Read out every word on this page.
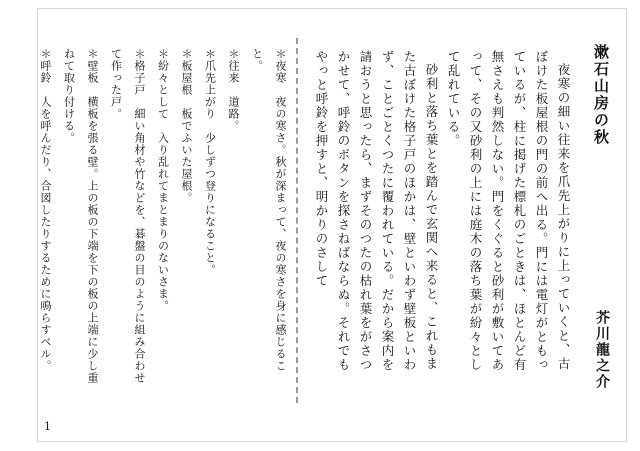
漱石山房の秋
芥川龍之介

夜寒の細い往来を爪先上がりに上っていくと、古ぼけた板屋根の門の前へ出る。門には電灯がともっているが、柱に掲げた標札のごときは、ほとんど有無さえも判然しない。門をくぐると砂利が敷いてあって、その又砂利の上には庭木の落ち葉が紛々として乱れている。

砂利と落ち葉とを踏んで玄関へ来ると、これもまた古ぼけた格子戸のほかは、壁といわず壁板といわず、ことごとくつたに覆われている。だから案内を請おうと思ったら、まずそのつたの枯れ葉をがさつかせて、呼鈴のボタンを探さねばならぬ。それでもやっと呼鈴を押すと、明かりのさして

＊夜寒　夜の寒さ。秋が深まって、夜の寒さを身に感じること。

＊往来　道路。

＊爪先上がり　少しずつ登りになること。

＊板屋根　板でふいた屋根。

＊紛々として　入り乱れてまとまりのないさま。

＊格子戸　細い角材や竹などを、碁盤の目のように組み合わせて作った戸。

＊壁板　横板を張る壁。上の板の下端を下の板の上端に少し重ねて取り付ける。

＊呼鈴　人を呼んだり、合図したりするために鳴らすベル。

1
